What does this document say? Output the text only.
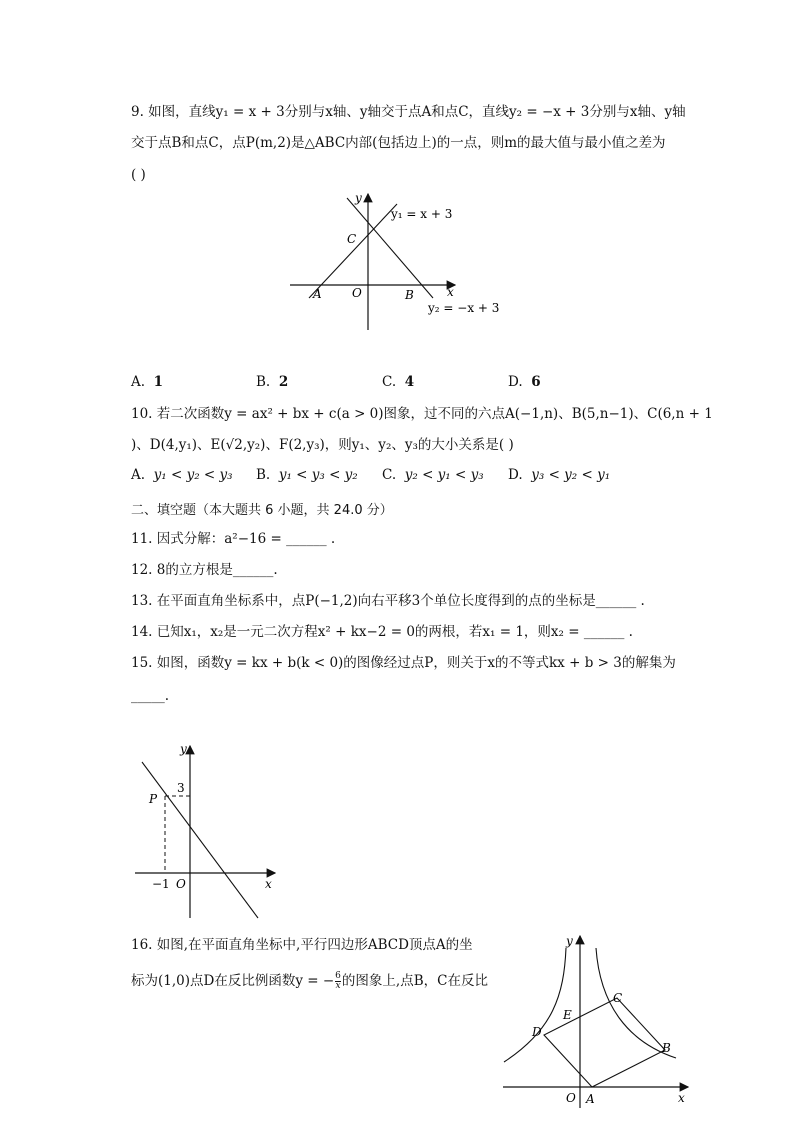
9. 如图，直线y₁ = x + 3分别与x轴、y轴交于点A和点C，直线y₂ = −x + 3分别与x轴、y轴
交于点B和点C，点P(m,2)是△ABC内部(包括边上)的一点，则m的最大值与最小值之差为
( )
y
x
C
A	O	B
y₁ = x + 3
y₂ = −x + 3
A. 1	B. 2	C. 4	D. 6
10. 若二次函数y = ax² + bx + c(a > 0)图象，过不同的六点A(−1,n)、B(5,n−1)、C(6,n + 1
)、D(4,y₁)、E(√2,y₂)、F(2,y₃)，则y₁、y₂、y₃的大小关系是( )
A. y₁ < y₂ < y₃ B. y₁ < y₃ < y₂ C. y₂ < y₁ < y₃ D. y₃ < y₂ < y₁
二、填空题（本大题共 6 小题，共 24.0 分）
11. 因式分解：a²−16 = ______ .
12. 8的立方根是______.
13. 在平面直角坐标系中，点P(−1,2)向右平移3个单位长度得到的点的坐标是______ .
14. 已知x₁，x₂是一元二次方程x² + kx−2 = 0的两根，若x₁ = 1，则x₂ = ______ .
15. 如图，函数y = kx + b(k < 0)的图像经过点P，则关于x的不等式kx + b > 3的解集为
_____.
y
x
3
P
−1 O
16. 如图,在平面直角坐标中,平行四边形ABCD顶点A的坐
标为(1,0)点D在反比例函数y = − $\frac{6}{x}$ 的图象上,点B，C在反比
y
x
C
E
D
B
O A
